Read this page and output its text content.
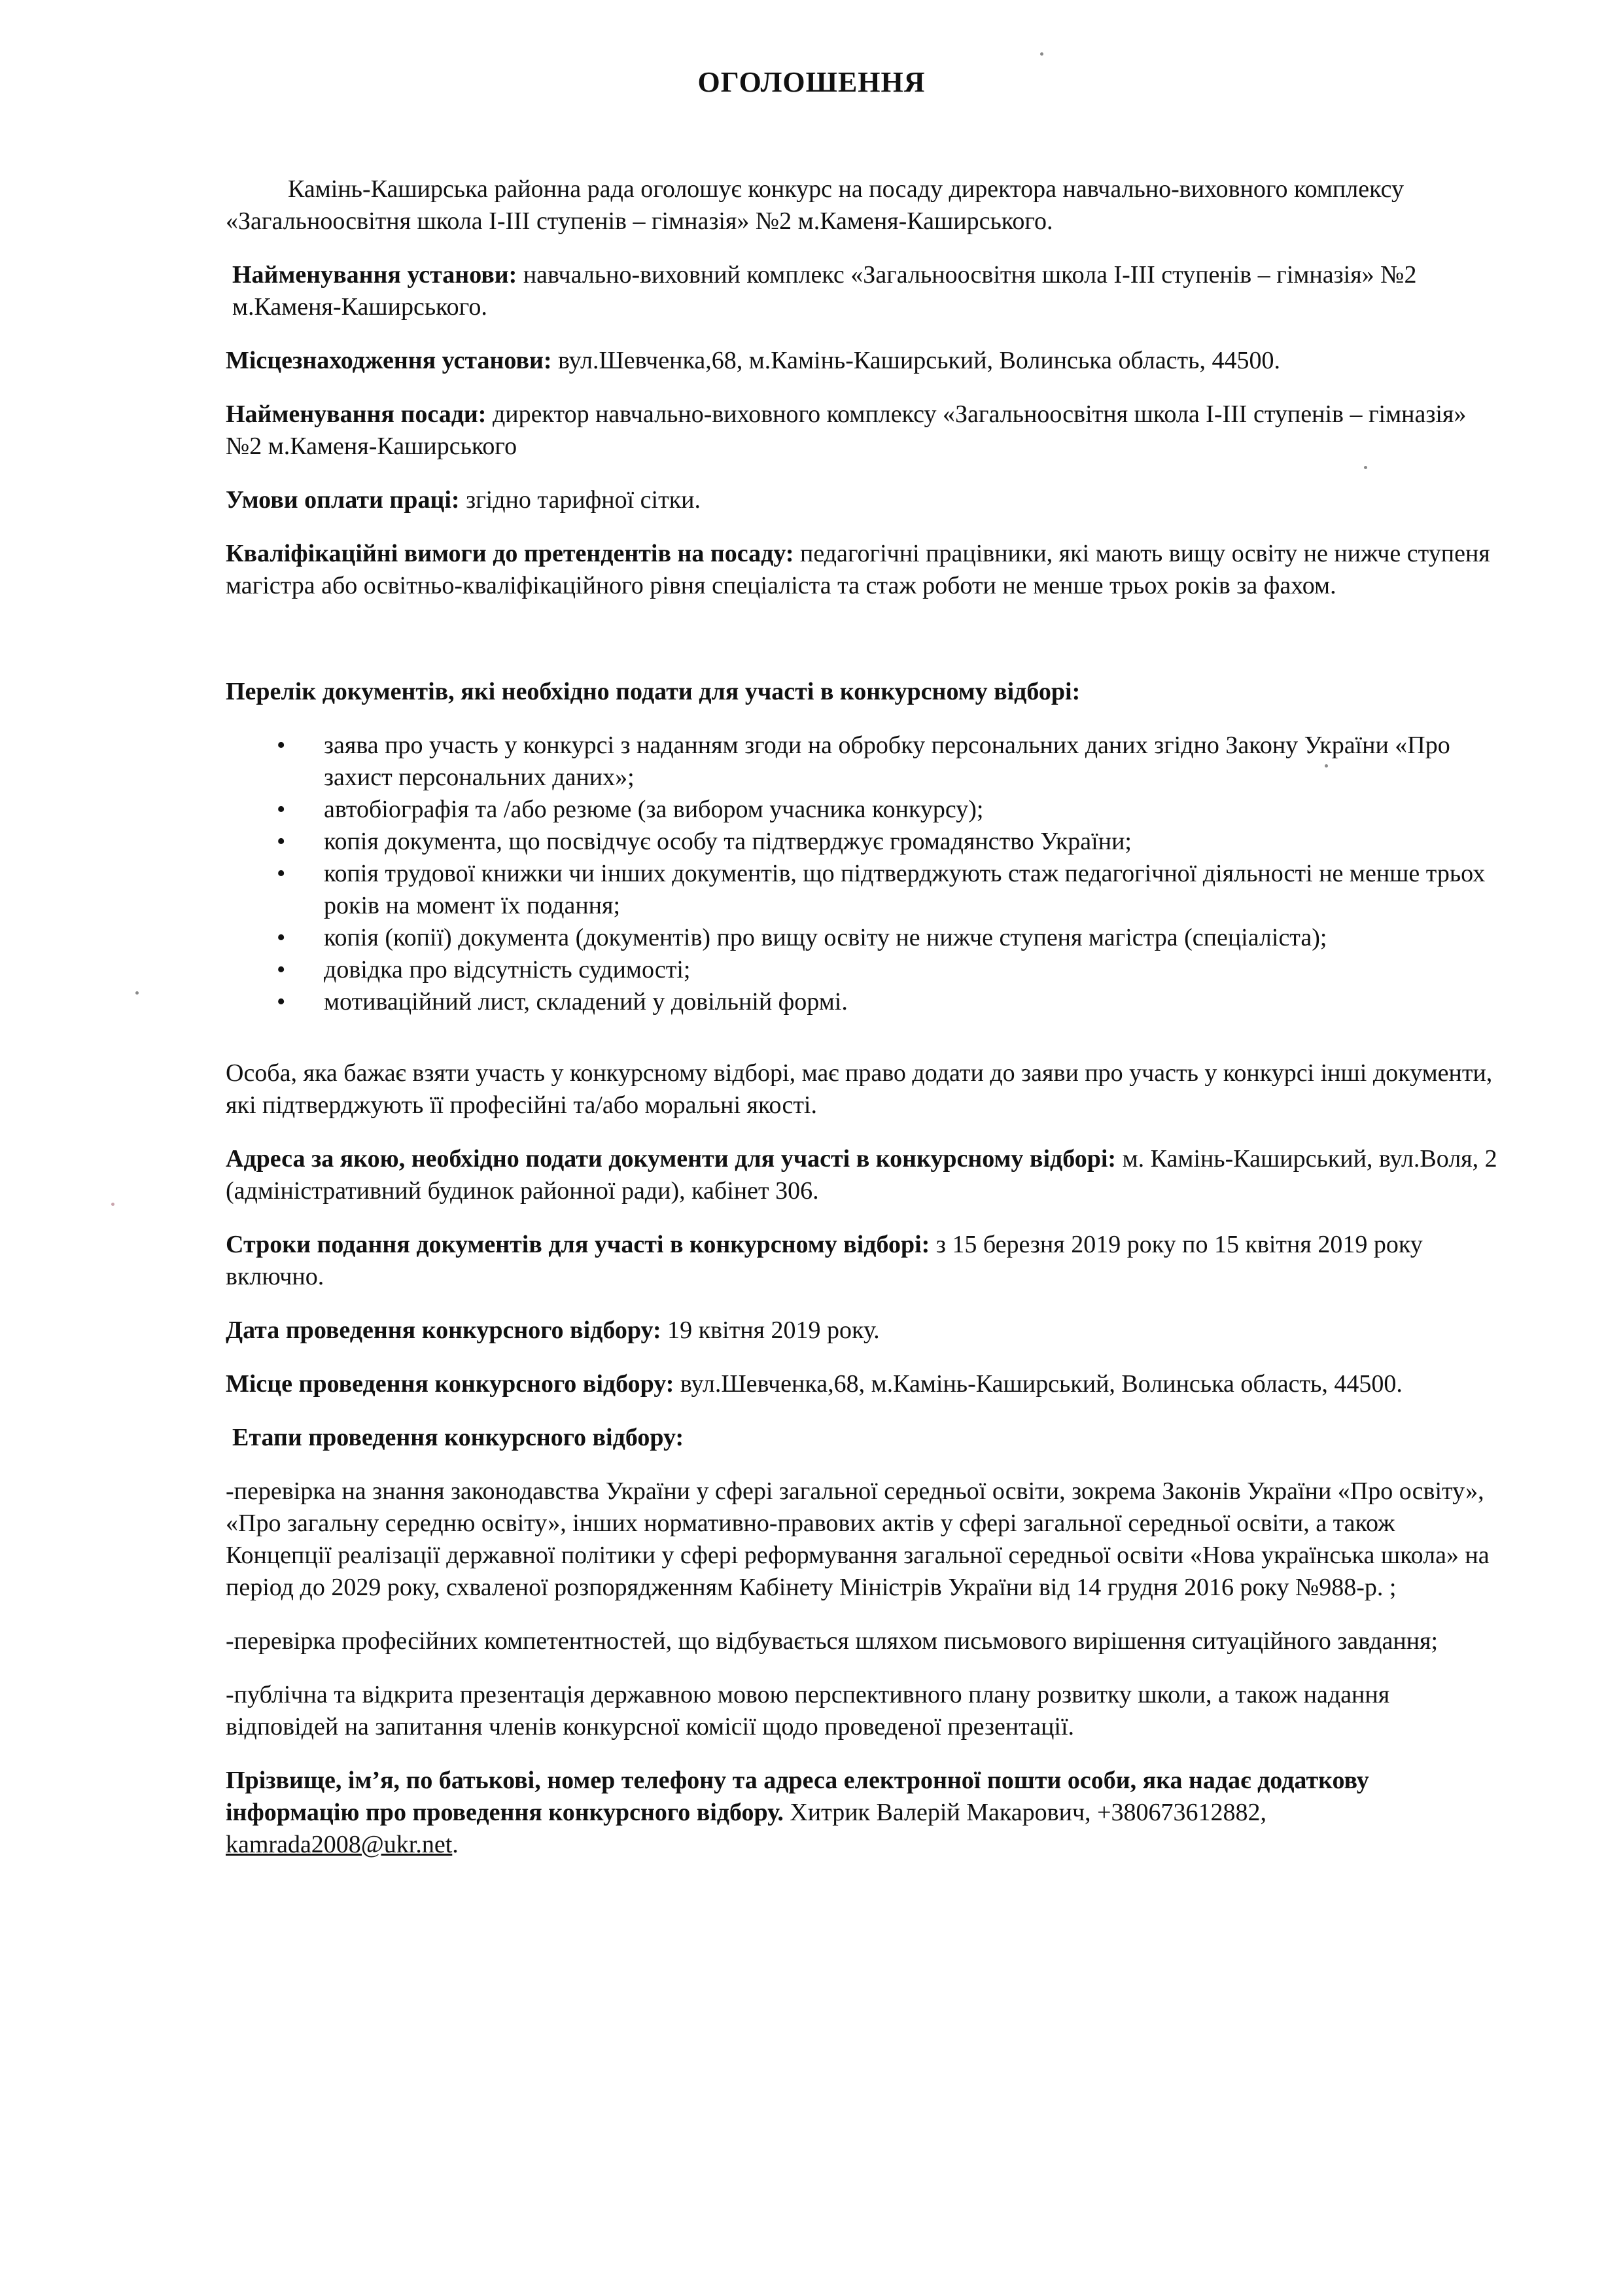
ОГОЛОШЕННЯ

Камінь-Каширська районна рада оголошує конкурс на посаду директора навчально-виховного комплексу «Загальноосвітня школа І-ІІІ ступенів – гімназія» №2 м.Каменя-Каширського.

Найменування установи: навчально-виховний комплекс «Загальноосвітня школа І-ІІІ ступенів – гімназія» №2 м.Каменя-Каширського.

Місцезнаходження установи: вул.Шевченка,68, м.Камінь-Каширський, Волинська область, 44500.

Найменування посади: директор навчально-виховного комплексу «Загальноосвітня школа І-ІІІ ступенів – гімназія» №2 м.Каменя-Каширського

Умови оплати праці: згідно тарифної сітки.

Кваліфікаційні вимоги до претендентів на посаду: педагогічні працівники, які мають вищу освіту не нижче ступеня магістра або освітньо-кваліфікаційного рівня спеціаліста та стаж роботи не менше трьох років за фахом.

Перелік документів, які необхідно подати для участі в конкурсному відборі:

• заява про участь у конкурсі з наданням згоди на обробку персональних даних згідно Закону України «Про захист персональних даних»;
• автобіографія та /або резюме (за вибором учасника конкурсу);
• копія документа, що посвідчує особу та підтверджує громадянство України;
• копія трудової книжки чи інших документів, що підтверджують стаж педагогічної діяльності не менше трьох років на момент їх подання;
• копія (копії) документа (документів) про вищу освіту не нижче ступеня магістра (спеціаліста);
• довідка про відсутність судимості;
• мотиваційний лист, складений у довільній формі.

Особа, яка бажає взяти участь у конкурсному відборі, має право додати до заяви про участь у конкурсі інші документи, які підтверджують її професійні та/або моральні якості.

Адреса за якою, необхідно подати документи для участі в конкурсному відборі: м. Камінь-Каширський, вул.Воля, 2 (адміністративний будинок районної ради), кабінет 306.

Строки подання документів для участі в конкурсному відборі: з 15 березня 2019 року по 15 квітня 2019 року включно.

Дата проведення конкурсного відбору: 19 квітня 2019 року.

Місце проведення конкурсного відбору: вул.Шевченка,68, м.Камінь-Каширський, Волинська область, 44500.

Етапи проведення конкурсного відбору:

-перевірка на знання законодавства України у сфері загальної середньої освіти, зокрема Законів України «Про освіту», «Про загальну середню освіту», інших нормативно-правових актів у сфері загальної середньої освіти, а також Концепції реалізації державної політики у сфері реформування загальної середньої освіти «Нова українська школа» на період до 2029 року, схваленої розпорядженням Кабінету Міністрів України від 14 грудня 2016 року №988-р. ;

-перевірка професійних компетентностей, що відбувається шляхом письмового вирішення ситуаційного завдання;

-публічна та відкрита презентація державною мовою перспективного плану розвитку школи, а також надання відповідей на запитання членів конкурсної комісії щодо проведеної презентації.

Прізвище, ім’я, по батькові, номер телефону та адреса електронної пошти особи, яка надає додаткову інформацію про проведення конкурсного відбору. Хитрик Валерій Макарович, +380673612882, kamrada2008@ukr.net.
